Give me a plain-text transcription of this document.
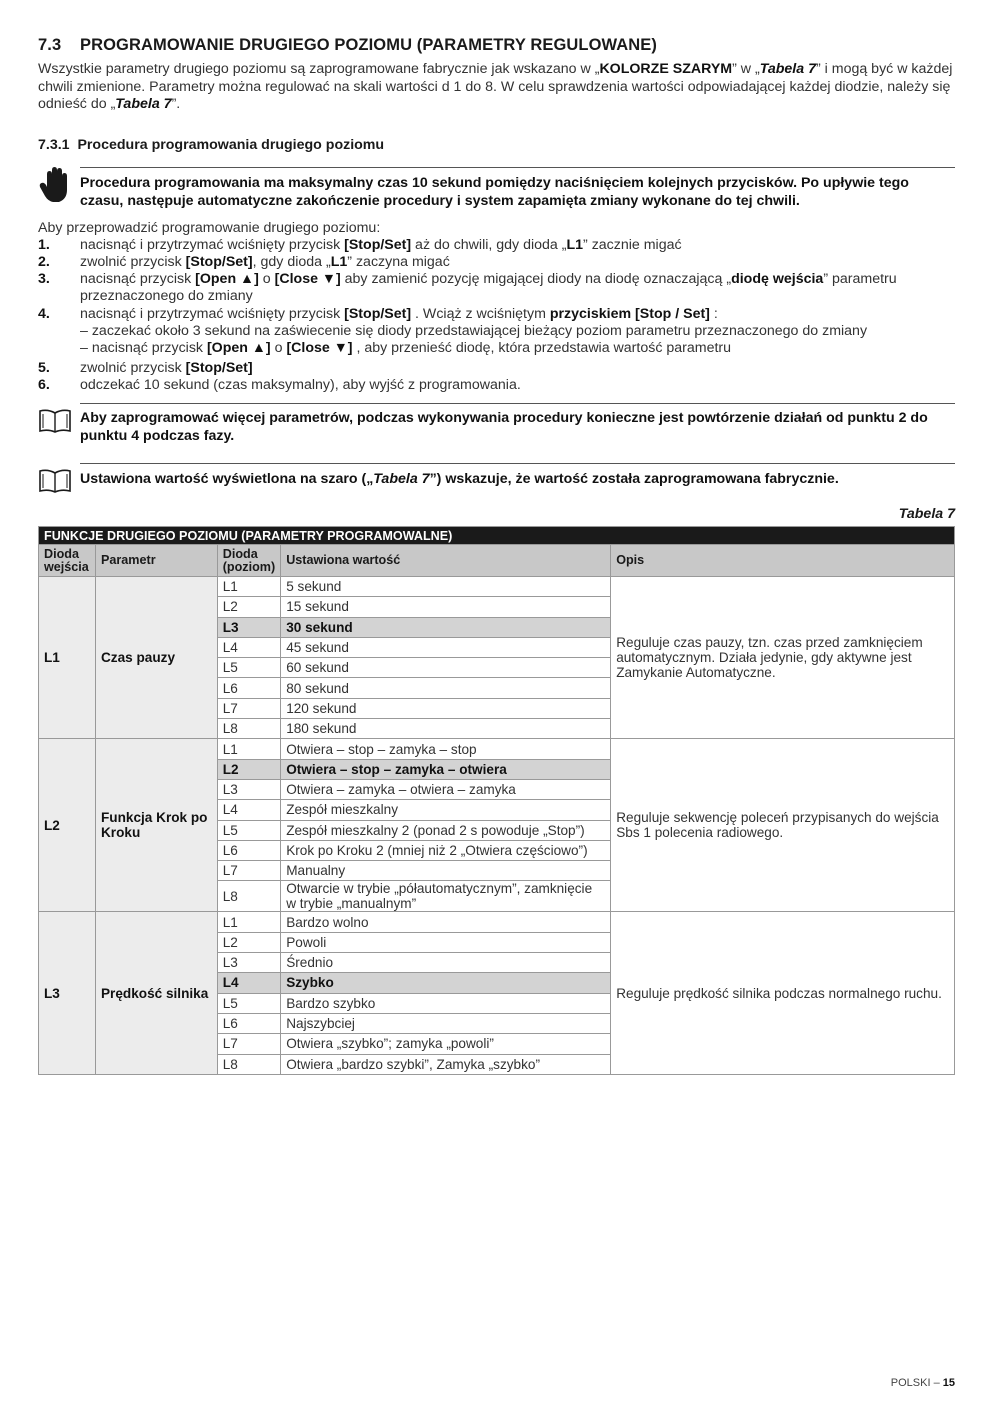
7.3 PROGRAMOWANIE DRUGIEGO POZIOMU (PARAMETRY REGULOWANE)

Wszystkie parametry drugiego poziomu są zaprogramowane fabrycznie jak wskazano w „KOLORZE SZARYM” w „Tabela 7” i mogą być w każdej chwili zmienione. Parametry można regulować na skali wartości d 1 do 8. W celu sprawdzenia wartości odpowiadającej każdej diodzie, należy się odnieść do „Tabela 7”.

7.3.1 Procedura programowania drugiego poziomu

Procedura programowania ma maksymalny czas 10 sekund pomiędzy naciśnięciem kolejnych przycisków. Po upływie tego czasu, następuje automatyczne zakończenie procedury i system zapamięta zmiany wykonane do tej chwili.

Aby przeprowadzić programowanie drugiego poziomu:
1. nacisnąć i przytrzymać wciśnięty przycisk [Stop/Set] aż do chwili, gdy dioda „L1” zacznie migać
2. zwolnić przycisk [Stop/Set], gdy dioda „L1” zaczyna migać
3. nacisnąć przycisk [Open ▲] o [Close ▼] aby zamienić pozycję migającej diody na diodę oznaczającą „diodę wejścia” parametru przeznaczonego do zmiany
4. nacisnąć i przytrzymać wciśnięty przycisk [Stop/Set] . Wciąż z wciśniętym przyciskiem [Stop / Set] :
– zaczekać około 3 sekund na zaświecenie się diody przedstawiającej bieżący poziom parametru przeznaczonego do zmiany
– nacisnąć przycisk [Open ▲] o [Close ▼] , aby przenieść diodę, która przedstawia wartość parametru
5. zwolnić przycisk [Stop/Set]
6. odczekać 10 sekund (czas maksymalny), aby wyjść z programowania.

Aby zaprogramować więcej parametrów, podczas wykonywania procedury konieczne jest powtórzenie działań od punktu 2 do punktu 4 podczas fazy.

Ustawiona wartość wyświetlona na szaro („Tabela 7”) wskazuje, że wartość została zaprogramowana fabrycznie.

Tabela 7
FUNKCJE DRUGIEGO POZIOMU (PARAMETRY PROGRAMOWALNE)				
Dioda wejścia	Parametr	Dioda (poziom)	Ustawiona wartość	Opis
L1	Czas pauzy	L1	5 sekund	Reguluje czas pauzy, tzn. czas przed zamknięciem automatycznym. Działa jedynie, gdy aktywne jest Zamykanie Automatyczne.
		L2	15 sekund	
		L3	30 sekund	
		L4	45 sekund	
		L5	60 sekund	
		L6	80 sekund	
		L7	120 sekund	
		L8	180 sekund	
L2	Funkcja Krok po Kroku	L1	Otwiera – stop – zamyka – stop	Reguluje sekwencję poleceń przypisanych do wejścia Sbs 1 polecenia radiowego.
		L2	Otwiera – stop – zamyka – otwiera	
		L3	Otwiera – zamyka – otwiera – zamyka	
		L4	Zespół mieszkalny	
		L5	Zespół mieszkalny 2 (ponad 2 s powoduje „Stop”)	
		L6	Krok po Kroku 2 (mniej niż 2 „Otwiera częściowo”)	
		L7	Manualny	
		L8	Otwarcie w trybie „półautomatycznym”, zamknięcie w trybie „manualnym”	
L3	Prędkość silnika	L1	Bardzo wolno	Reguluje prędkość silnika podczas normalnego ruchu.
		L2	Powoli	
		L3	Średnio	
		L4	Szybko	
		L5	Bardzo szybko	
		L6	Najszybciej	
		L7	Otwiera „szybko”; zamyka „powoli”	
		L8	Otwiera „bardzo szybki”, Zamyka „szybko”	
POLSKI – 15
